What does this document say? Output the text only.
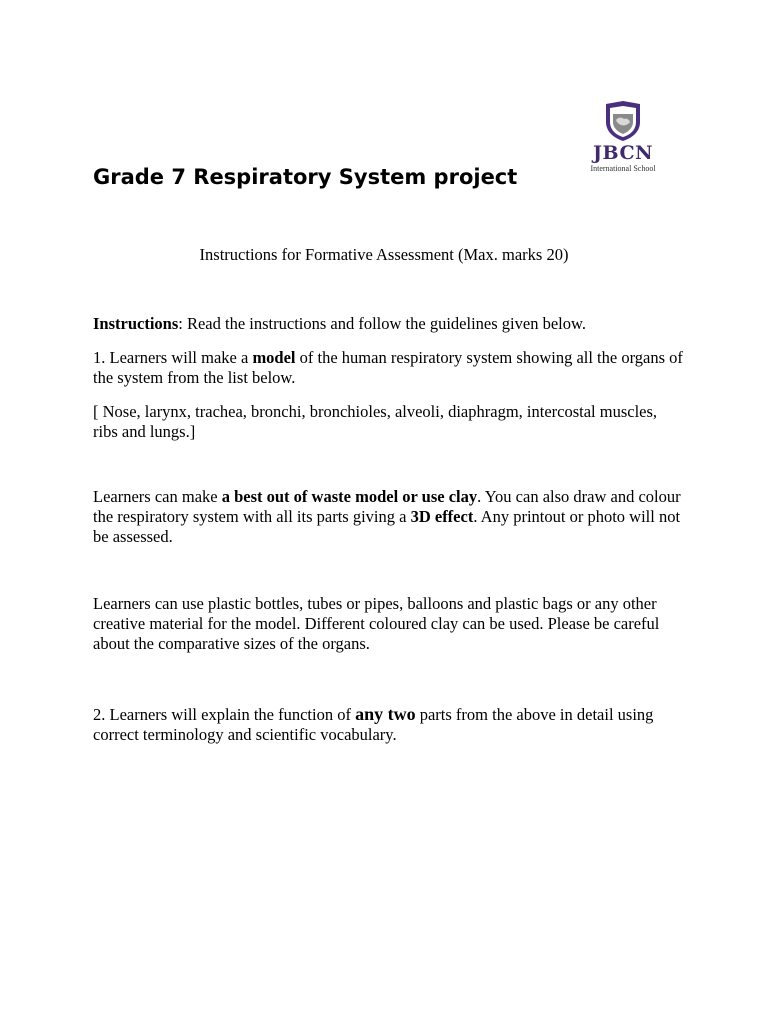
JBCN
International School
Grade 7 Respiratory System project
Instructions for Formative Assessment (Max. marks 20)

Instructions: Read the instructions and follow the guidelines given below.

1. Learners will make a model of the human respiratory system showing all the organs of the system from the list below.

[ Nose, larynx, trachea, bronchi, bronchioles, alveoli, diaphragm, intercostal muscles, ribs and lungs.]

Learners can make a best out of waste model or use clay. You can also draw and colour the respiratory system with all its parts giving a 3D effect. Any printout or photo will not be assessed.

Learners can use plastic bottles, tubes or pipes, balloons and plastic bags or any other creative material for the model. Different coloured clay can be used. Please be careful about the comparative sizes of the organs.

2. Learners will explain the function of any two parts from the above in detail using correct terminology and scientific vocabulary.
